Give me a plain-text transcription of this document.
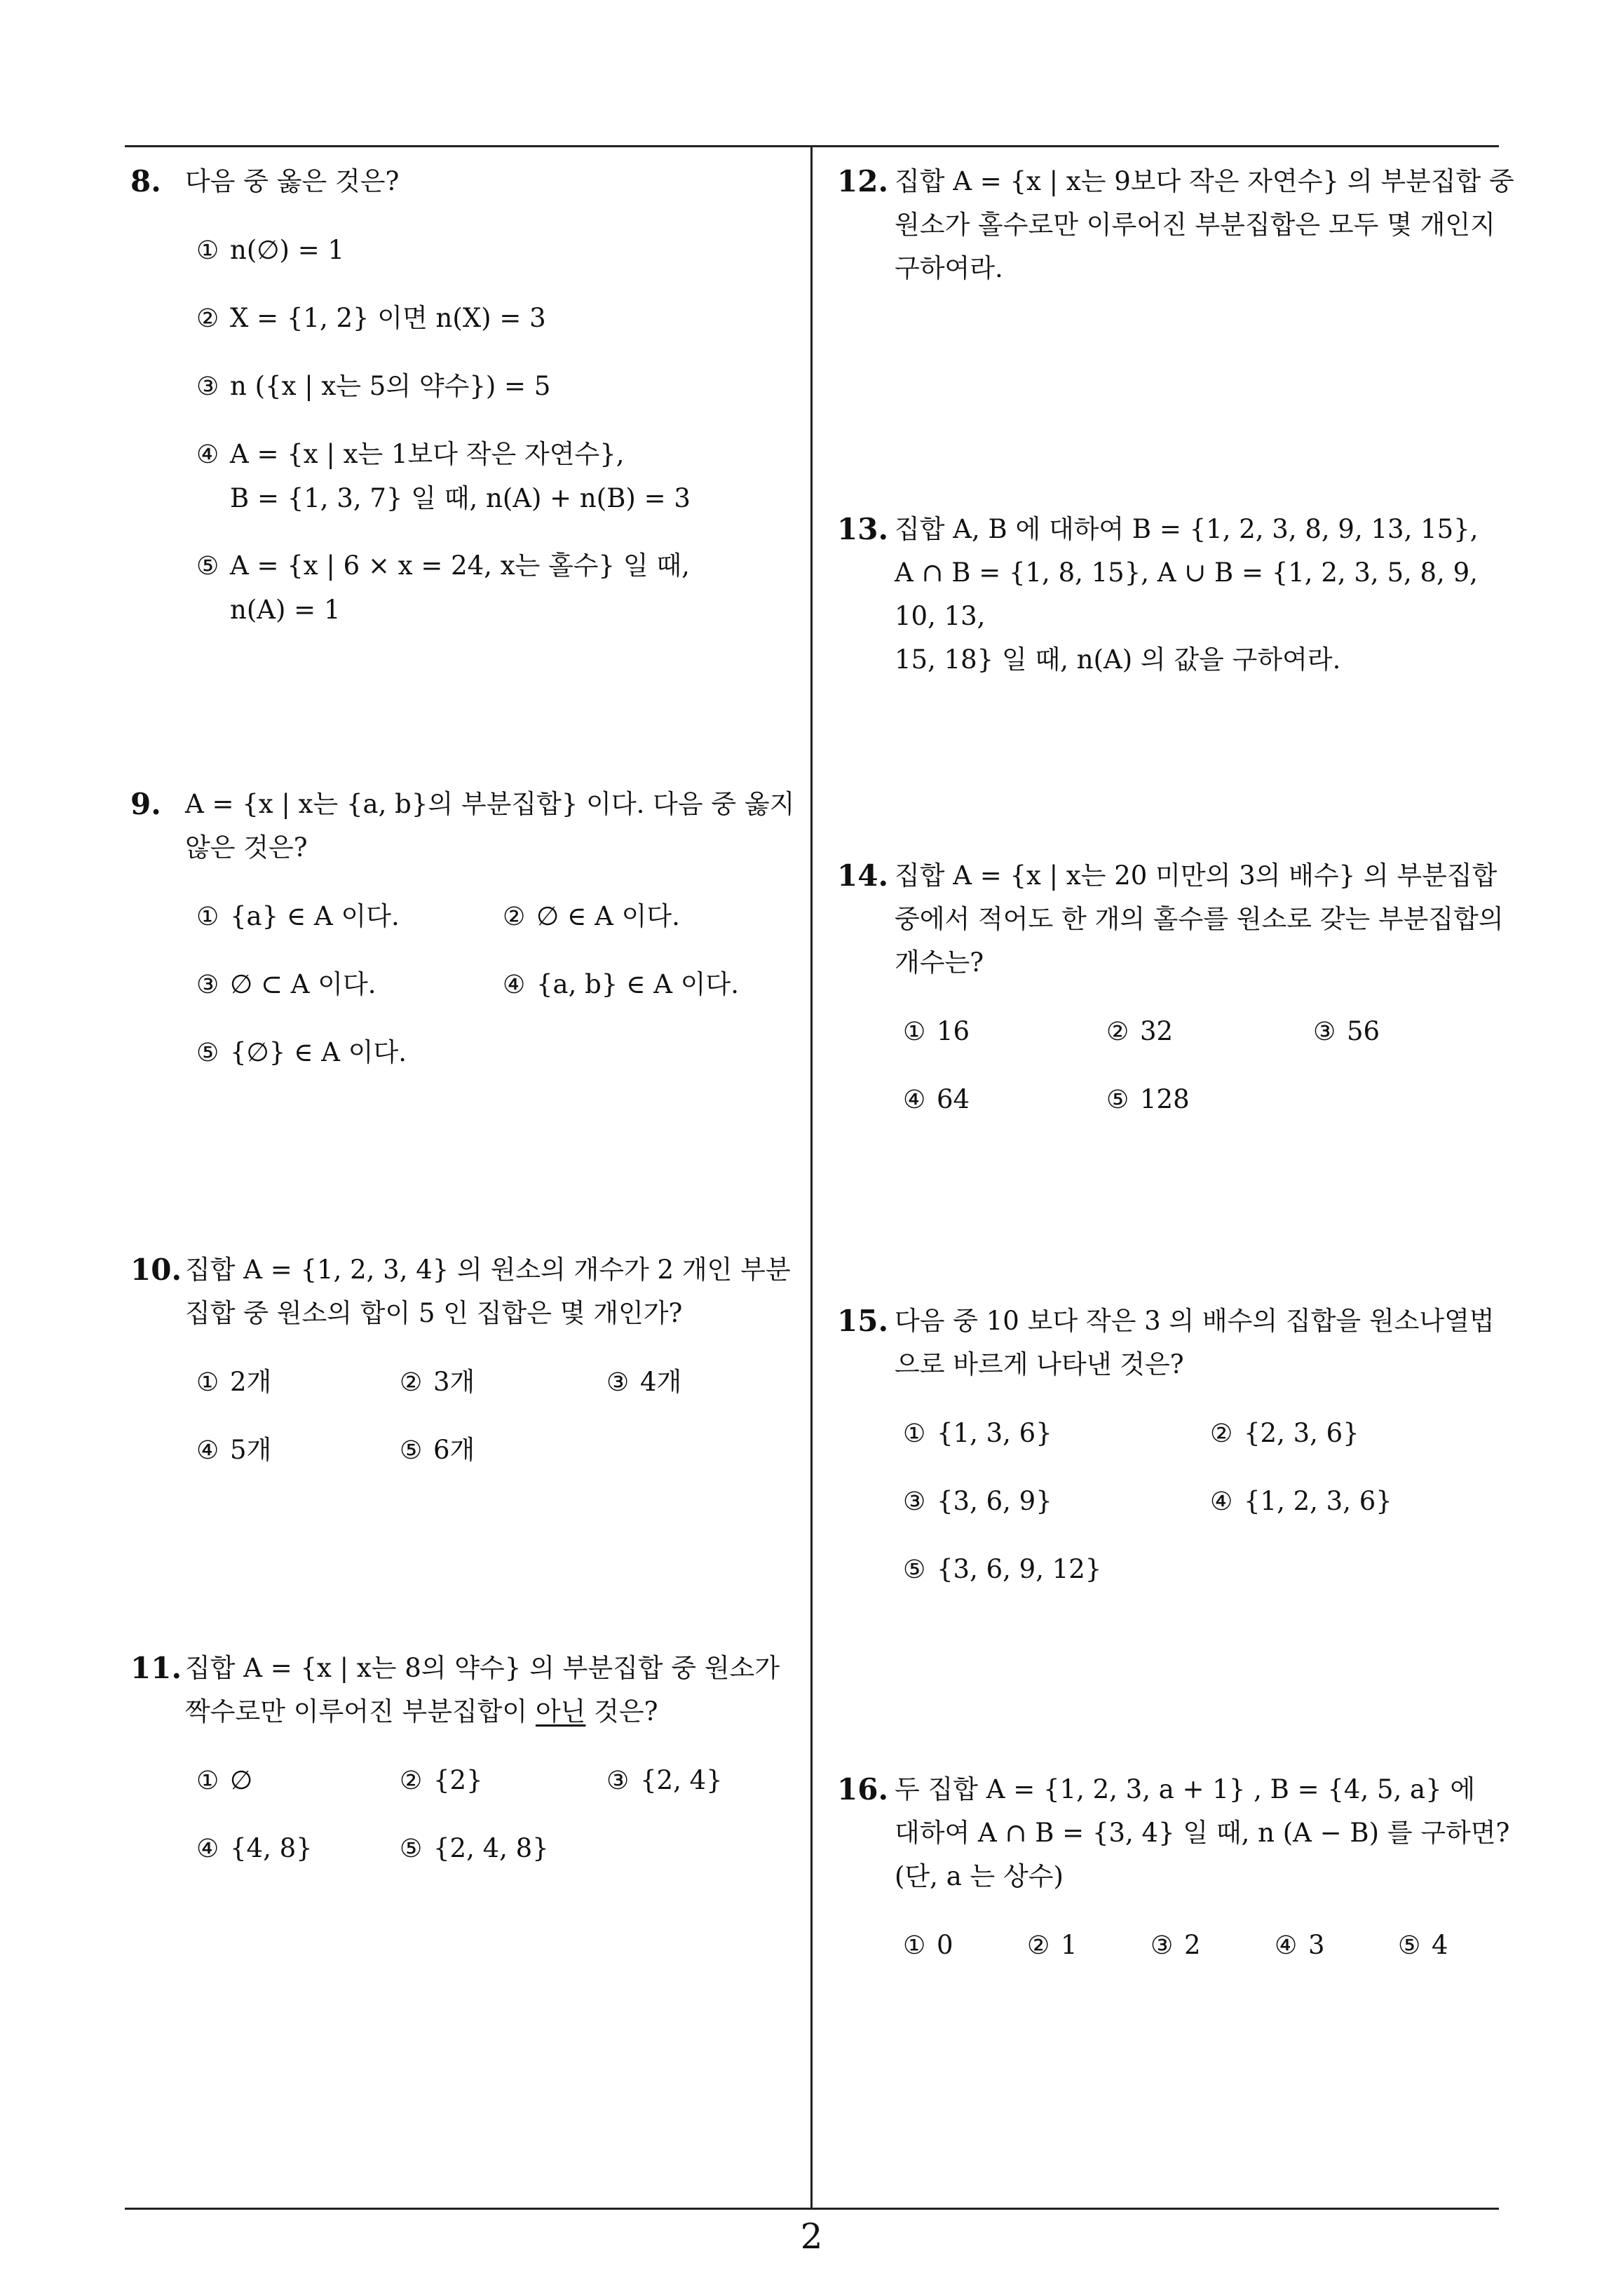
8. 다음 중 옳은 것은?

① n(∅) = 1
② X = {1, 2} 이면 n(X) = 3
③ n ({x | x는 5의 약수}) = 5
④ A = {x | x는 1보다 작은 자연수},
B = {1, 3, 7} 일 때, n(A) + n(B) = 3
⑤ A = {x | 6 × x = 24, x는 홀수} 일 때,
n(A) = 1
9. A = {x | x는 {a, b}의 부분집합} 이다. 다음 중 옳지

않은 것은?

① {a} ∈ A 이다.	② ∅ ∈ A 이다.
③ ∅ ⊂ A 이다.	④ {a, b} ∈ A 이다.
⑤ {∅} ∈ A 이다.
10. 집합 A = {1, 2, 3, 4} 의 원소의 개수가 2 개인 부분

집합 중 원소의 합이 5 인 집합은 몇 개인가?

① 2개	② 3개	③ 4개
④ 5개	⑤ 6개
11. 집합 A = {x | x는 8의 약수} 의 부분집합 중 원소가

짝수로만 이루어진 부분집합이 아닌 것은?

① ∅	② {2}	③ {2, 4}
④ {4, 8}	⑤ {2, 4, 8}
12. 집합 A = {x | x는 9보다 작은 자연수} 의 부분집합 중

원소가 홀수로만 이루어진 부분집합은 모두 몇 개인지

구하여라.

13. 집합 A, B 에 대하여 B = {1, 2, 3, 8, 9, 13, 15},

A ∩ B = {1, 8, 15}, A ∪ B = {1, 2, 3, 5, 8, 9, 10, 13,

15, 18} 일 때, n(A) 의 값을 구하여라.

14. 집합 A = {x | x는 20 미만의 3의 배수} 의 부분집합

중에서 적어도 한 개의 홀수를 원소로 갖는 부분집합의

개수는?

① 16	② 32	③ 56
④ 64	⑤ 128
15. 다음 중 10 보다 작은 3 의 배수의 집합을 원소나열법

으로 바르게 나타낸 것은?

① {1, 3, 6}	② {2, 3, 6}
③ {3, 6, 9}	④ {1, 2, 3, 6}
⑤ {3, 6, 9, 12}
16. 두 집합 A = {1, 2, 3, a + 1} , B = {4, 5, a} 에

대하여 A ∩ B = {3, 4} 일 때, n (A − B) 를 구하면?

(단, a 는 상수)

① 0	② 1	③ 2	④ 3	⑤ 4
2
